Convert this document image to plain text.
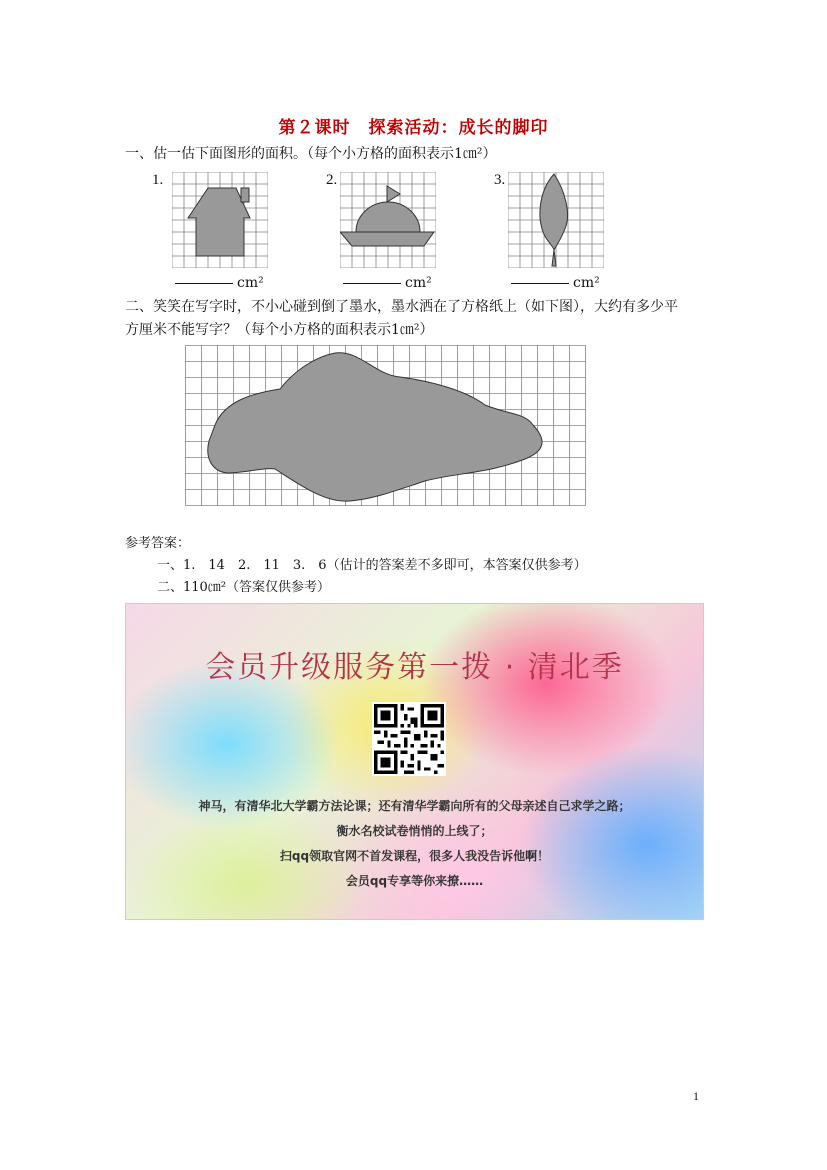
第２课时　探索活动：成长的脚印
一、估一估下面图形的面积。（每个小方格的面积表示1㎝²）
1.
cm²
2.
cm²
3.
cm²
二、笑笑在写字时，不小心碰到倒了墨水，墨水洒在了方格纸上（如下图），大约有多少平
方厘米不能写字？（每个小方格的面积表示1㎝²）
参考答案：
一、1.　14　2.　11　3.　6（估计的答案差不多即可，本答案仅供参考）
二、110㎝²（答案仅供参考）
会员升级服务第一拨 · 清北季
神马，有清华北大学霸方法论课；还有清华学霸向所有的父母亲述自己求学之路；
衡水名校试卷悄悄的上线了；
扫qq领取官网不首发课程，很多人我没告诉他啊！
会员qq专享等你来撩……
1
